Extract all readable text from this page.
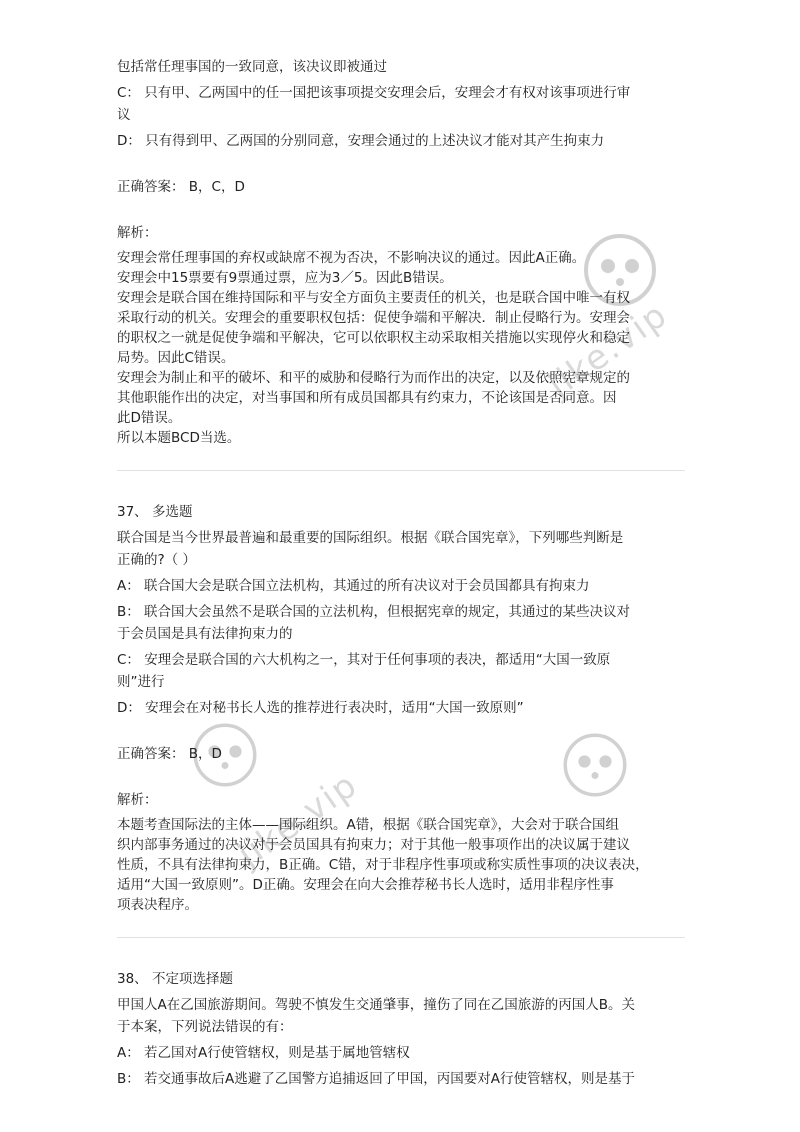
jike.vip
jike.vip

包括常任理事国的一致同意，该决议即被通过

C： 只有甲、乙两国中的任一国把该事项提交安理会后，安理会才有权对该事项进行审

议

D： 只有得到甲、乙两国的分别同意，安理会通过的上述决议才能对其产生拘束力

正确答案： B，C，D

解析：

安理会常任理事国的弃权或缺席不视为否决，不影响决议的通过。因此A正确。

安理会中15票要有9票通过票，应为3／5。因此B错误。

安理会是联合国在维持国际和平与安全方面负主要责任的机关，也是联合国中唯一有权

采取行动的机关。安理会的重要职权包括：促使争端和平解决．制止侵略行为。安理会

的职权之一就是促使争端和平解决，它可以依职权主动采取相关措施以实现停火和稳定

局势。因此C错误。

安理会为制止和平的破坏、和平的威胁和侵略行为而作出的决定，以及依照宪章规定的

其他职能作出的决定，对当事国和所有成员国都具有约束力，不论该国是否同意。因

此D错误。

所以本题BCD当选。

37、 多选题

联合国是当今世界最普遍和最重要的国际组织。根据《联合国宪章》，下列哪些判断是

正确的?（ ）

A： 联合国大会是联合国立法机构，其通过的所有决议对于会员国都具有拘束力

B： 联合国大会虽然不是联合国的立法机构，但根据宪章的规定，其通过的某些决议对

于会员国是具有法律拘束力的

C： 安理会是联合国的六大机构之一，其对于任何事项的表决，都适用“大国一致原

则”进行

D： 安理会在对秘书长人选的推荐进行表决时，适用“大国一致原则”

正确答案： B，D

解析：

本题考查国际法的主体——国际组织。A错，根据《联合国宪章》，大会对于联合国组

织内部事务通过的决议对于会员国具有拘束力；对于其他一般事项作出的决议属于建议

性质，不具有法律拘束力，B正确。C错，对于非程序性事项或称实质性事项的决议表决，

适用“大国一致原则”。D正确。安理会在向大会推荐秘书长人选时，适用非程序性事

项表决程序。

38、 不定项选择题

甲国人A在乙国旅游期间。驾驶不慎发生交通肇事，撞伤了同在乙国旅游的丙国人B。关

于本案，下列说法错误的有：

A： 若乙国对A行使管辖权，则是基于属地管辖权

B： 若交通事故后A逃避了乙国警方追捕返回了甲国，丙国要对A行使管辖权，则是基于
